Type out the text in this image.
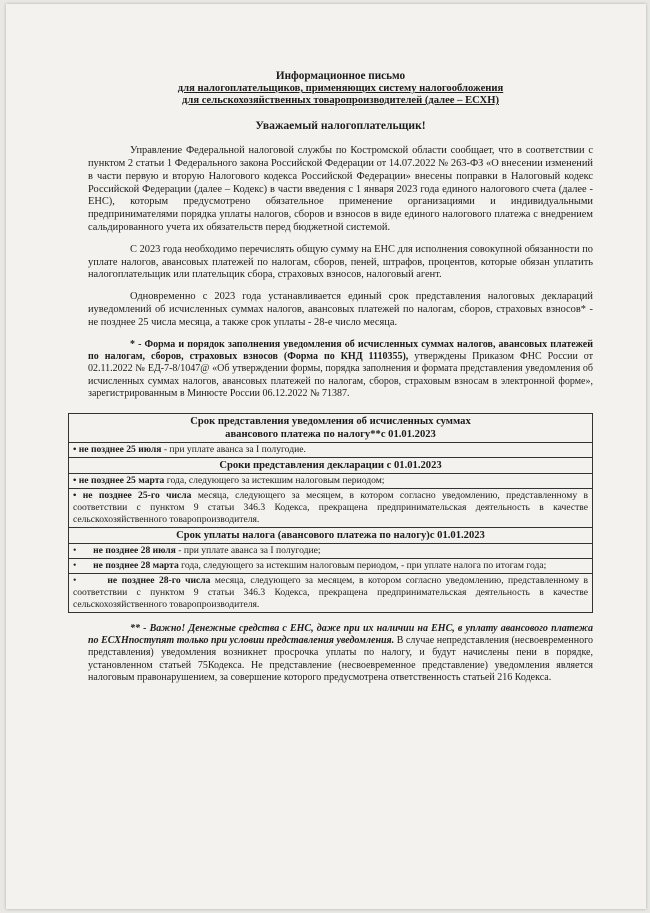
Информационное письмо
для налогоплательщиков, применяющих систему налогообложения
для сельскохозяйственных товаропроизводителей (далее – ЕСХН)
Уважаемый налогоплательщик!

Управление Федеральной налоговой службы по Костромской области сообщает, что в соответствии с пунктом 2 статьи 1 Федерального закона Российской Федерации от 14.07.2022 № 263-ФЗ «О внесении изменений в части первую и вторую Налогового кодекса Российской Федерации» внесены поправки в Налоговый кодекс Российской Федерации (далее – Кодекс) в части введения с 1 января 2023 года единого налогового счета (далее - ЕНС), которым предусмотрено обязательное применение организациями и индивидуальными предпринимателями порядка уплаты налогов, сборов и взносов в виде единого налогового платежа с внедрением сальдированного учета их обязательств перед бюджетной системой.

С 2023 года необходимо перечислять общую сумму на ЕНС для исполнения совокупной обязанности по уплате налогов, авансовых платежей по налогам, сборов, пеней, штрафов, процентов, которые обязан уплатить налогоплательщик или плательщик сбора, страховых взносов, налоговый агент.

Одновременно с 2023 года устанавливается единый срок представления налоговых деклараций иуведомлений об исчисленных суммах налогов, авансовых платежей по налогам, сборов, страховых взносов* - не позднее 25 числа месяца, а также срок уплаты - 28-е число месяца.

* - Форма и порядок заполнения уведомления об исчисленных суммах налогов, авансовых платежей по налогам, сборов, страховых взносов (Форма по КНД 1110355), утверждены Приказом ФНС России от 02.11.2022 № ЕД-7-8/1047@ «Об утверждении формы, порядка заполнения и формата представления уведомления об исчисленных суммах налогов, авансовых платежей по налогам, сборов, страховым взносам в электронной форме», зарегистрированным в Минюсте России 06.12.2022 № 71387.

Срок представления уведомления об исчисленных суммах
авансового платежа по налогу**с 01.01.2023

• не позднее 25 июля - при уплате аванса за I полугодие.
Сроки представления декларации с 01.01.2023
• не позднее 25 марта года, следующего за истекшим налоговым периодом;
• не позднее 25-го числа месяца, следующего за месяцем, в котором согласно уведомлению, представленному в соответствии с пунктом 9 статьи 346.3 Кодекса, прекращена предпринимательская деятельность в качестве сельскохозяйственного товаропроизводителя.
Срок уплаты налога (авансового платежа по налогу)с 01.01.2023
•       не позднее 28 июля - при уплате аванса за I полугодие;
•       не позднее 28 марта года, следующего за истекшим налоговым периодом, - при уплате налога по итогам года;
•       не позднее 28-го числа месяца, следующего за месяцем, в котором согласно уведомлению, представленному в соответствии с пунктом 9 статьи 346.3 Кодекса, прекращена предпринимательская деятельность в качестве сельскохозяйственного товаропроизводителя.

** - Важно! Денежные средства с ЕНС, даже при их наличии на ЕНС, в уплату авансового платежа по ЕСХНпоступят только при условии представления уведомления. В случае непредставления (несвоевременного представления) уведомления возникнет просрочка уплаты по налогу, и будут начислены пени в порядке, установленном статьей 75Кодекса. Не представление (несвоевременное представление) уведомления является налоговым правонарушением, за совершение которого предусмотрена ответственность статьей 216 Кодекса.
